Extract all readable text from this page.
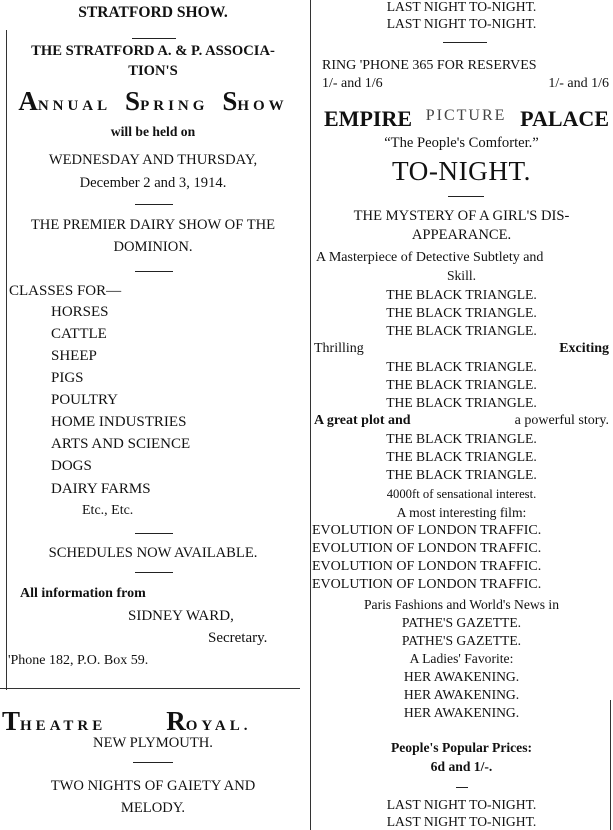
STRATFORD SHOW.
THE STRATFORD A. & P. ASSOCIA-
TION'S
ANNUAL SPRING SHOW
will be held on
WEDNESDAY AND THURSDAY,
December 2 and 3, 1914.
THE PREMIER DAIRY SHOW OF THE
DOMINION.
CLASSES FOR—
HORSES
CATTLE
SHEEP
PIGS
POULTRY
HOME INDUSTRIES
ARTS AND SCIENCE
DOGS
DAIRY FARMS
Etc., Etc.
SCHEDULES NOW AVAILABLE.
All information from
SIDNEY WARD,
Secretary.
'Phone 182, P.O. Box 59.
THEATRE ROYAL.
NEW PLYMOUTH.
TWO NIGHTS OF GAIETY AND
MELODY.
LAST NIGHT TO-NIGHT.
LAST NIGHT TO-NIGHT.
RING 'PHONE 365 FOR RESERVES
1/- and 1/6	1/- and 1/6
EMPIRE PICTURE PALACE
“The People's Comforter.”
TO-NIGHT.
THE MYSTERY OF A GIRL'S DIS-
APPEARANCE.
A Masterpiece of Detective Subtlety and
Skill.
THE BLACK TRIANGLE.
THE BLACK TRIANGLE.
THE BLACK TRIANGLE.
Thrilling	Exciting
THE BLACK TRIANGLE.
THE BLACK TRIANGLE.
THE BLACK TRIANGLE.
A great plot and	a powerful story.
THE BLACK TRIANGLE.
THE BLACK TRIANGLE.
THE BLACK TRIANGLE.
4000ft of sensational interest.
A most interesting film:
EVOLUTION OF LONDON TRAFFIC.
EVOLUTION OF LONDON TRAFFIC.
EVOLUTION OF LONDON TRAFFIC.
EVOLUTION OF LONDON TRAFFIC.
Paris Fashions and World's News in
PATHE'S GAZETTE.
PATHE'S GAZETTE.
A Ladies' Favorite:
HER AWAKENING.
HER AWAKENING.
HER AWAKENING.
People's Popular Prices:
6d and 1/-.
LAST NIGHT TO-NIGHT.
LAST NIGHT TO-NIGHT.
